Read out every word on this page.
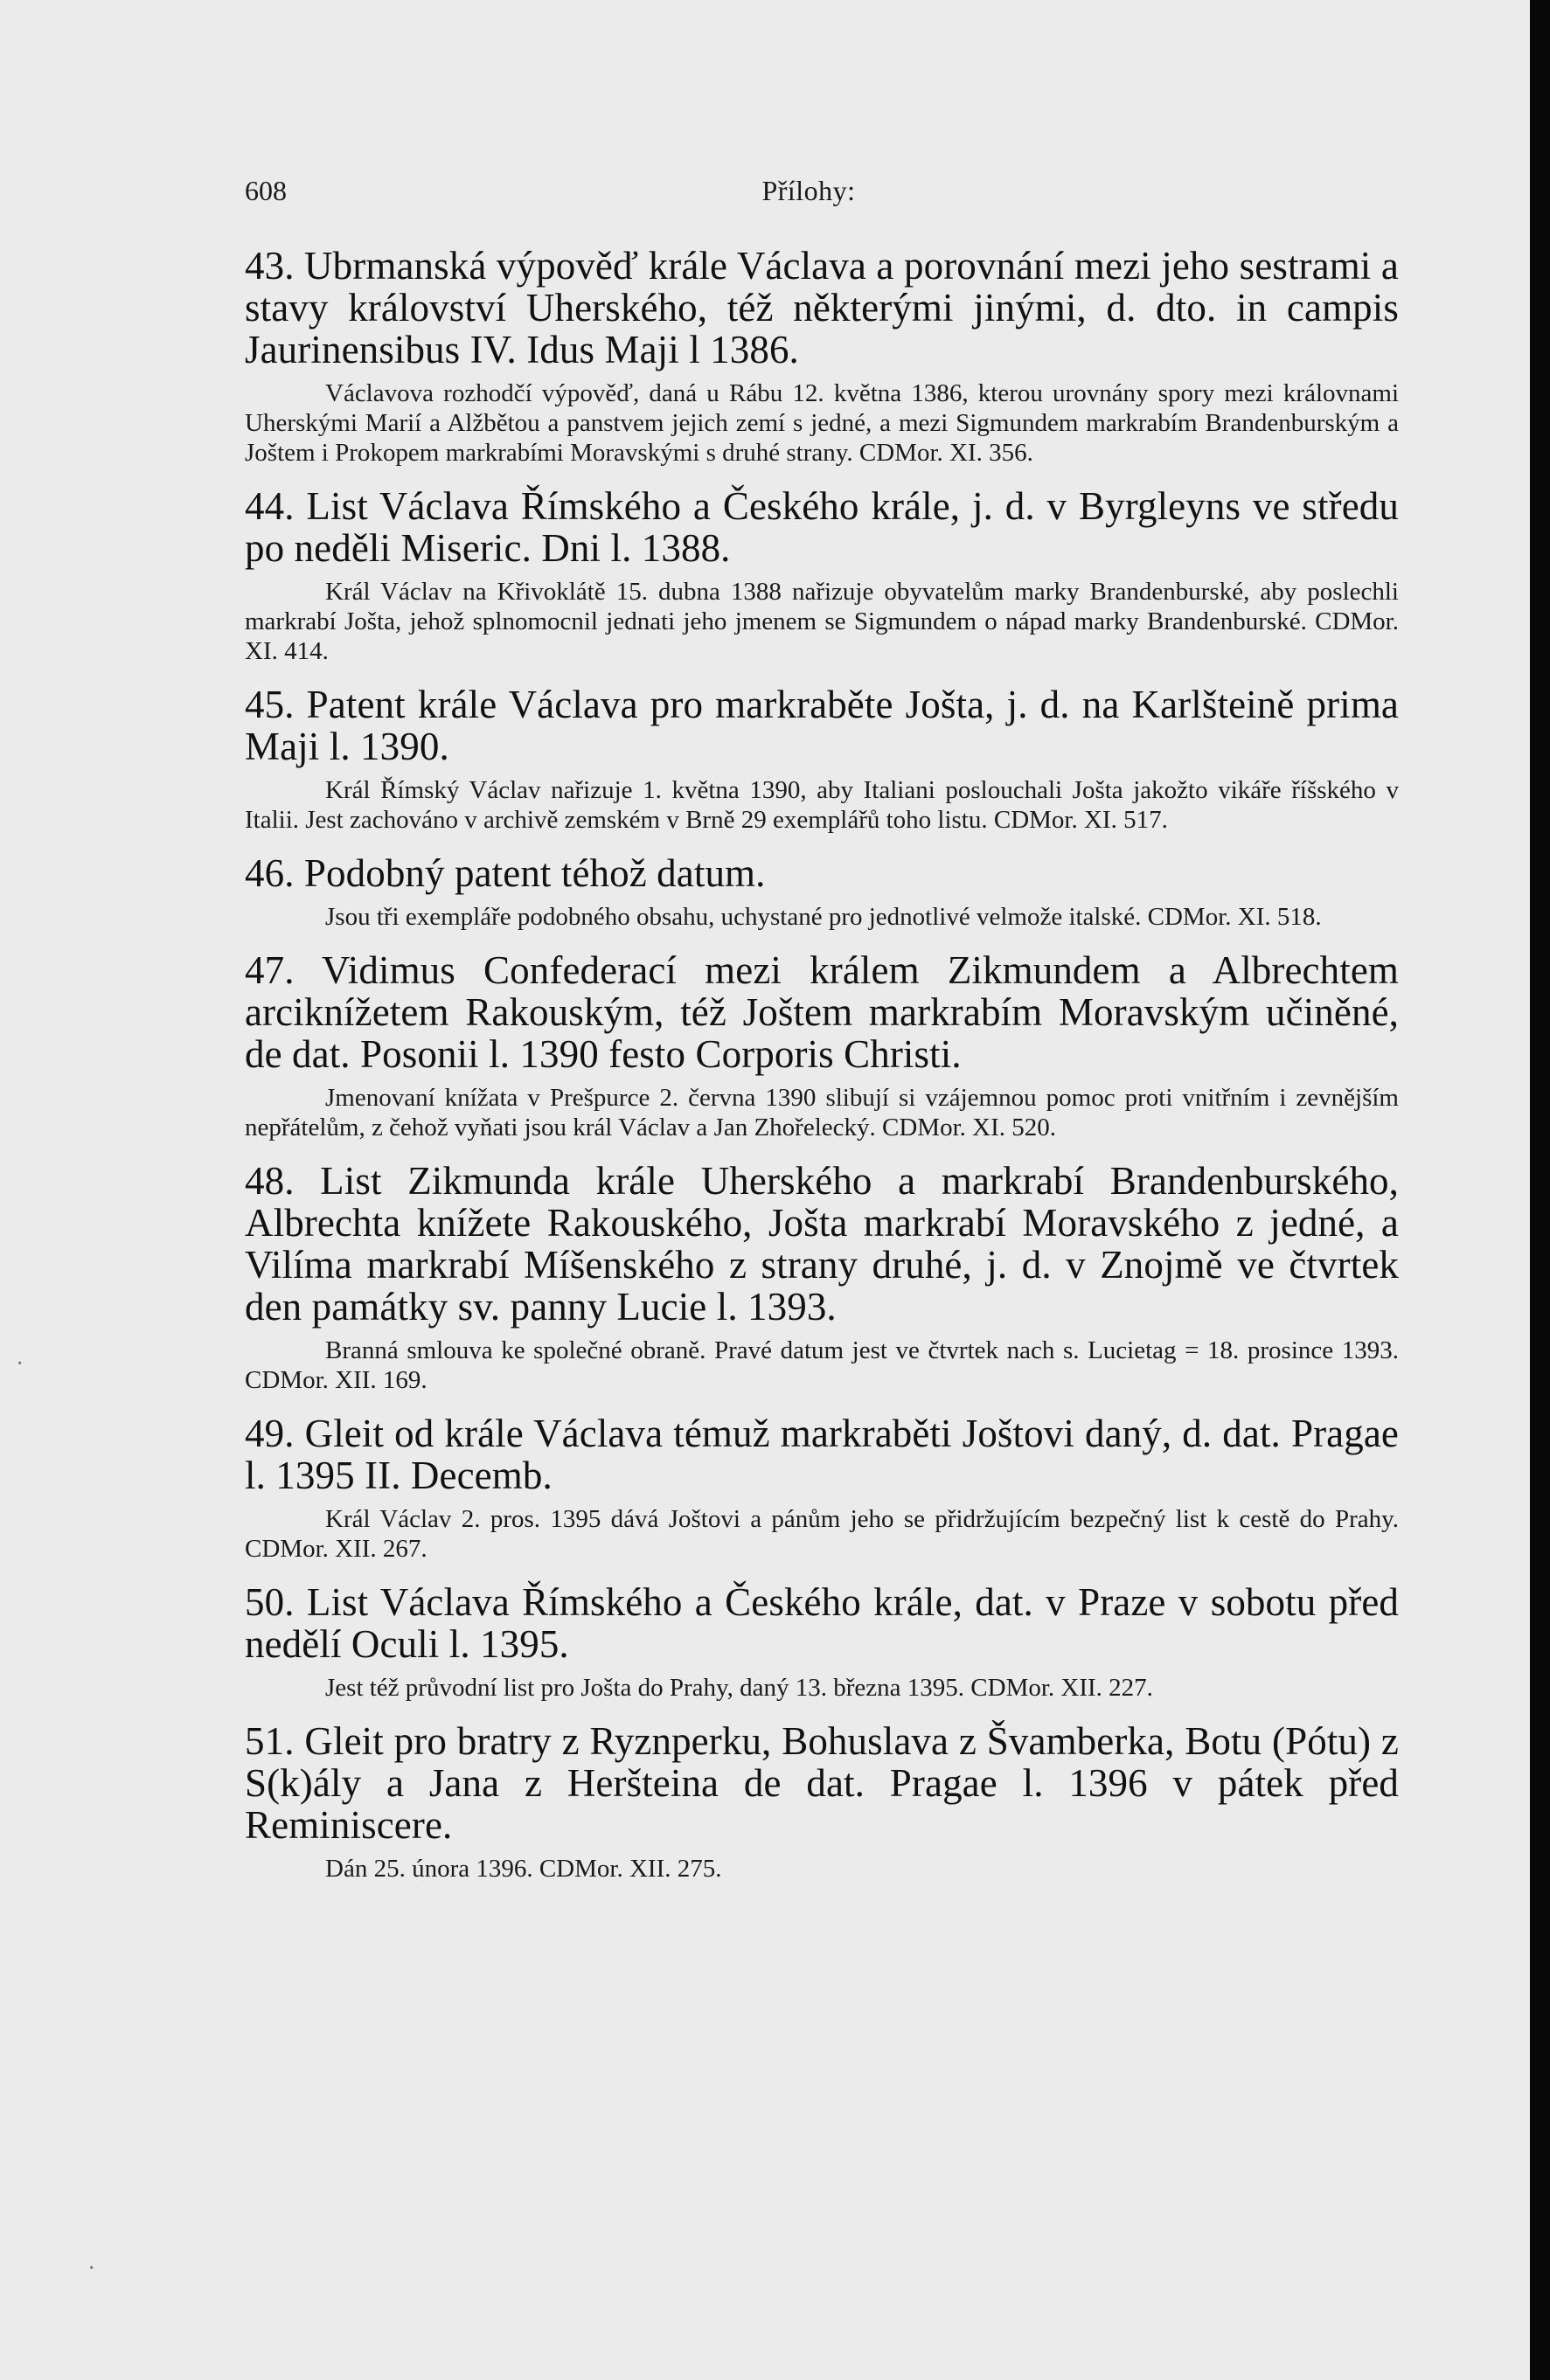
608	Přílohy:

43. Ubrmanská výpověď krále Václava a porovnání mezi jeho sestrami a stavy království Uherského, též některými jinými, d. dto. in campis Jaurinensibus IV. Idus Maji l 1386.

Václavova rozhodčí výpověď, daná u Rábu 12. května 1386, kterou urovnány spory mezi královnami Uherskými Marií a Alžbětou a panstvem jejich zemí s jedné, a mezi Sigmundem markrabím Brandenburským a Joštem i Prokopem markrabími Moravskými s druhé strany. CDMor. XI. 356.

44. List Václava Římského a Českého krále, j. d. v Byrgleyns ve středu po neděli Miseric. Dni l. 1388.

Král Václav na Křivoklátě 15. dubna 1388 nařizuje obyvatelům marky Brandenburské, aby poslechli markrabí Jošta, jehož splnomocnil jednati jeho jmenem se Sigmundem o nápad marky Brandenburské. CDMor. XI. 414.

45. Patent krále Václava pro markraběte Jošta, j. d. na Karlšteině prima Maji l. 1390.

Král Římský Václav nařizuje 1. května 1390, aby Italiani poslouchali Jošta jakožto vikáře říšského v Italii. Jest zachováno v archivě zemském v Brně 29 exemplářů toho listu. CDMor. XI. 517.

46. Podobný patent téhož datum.

Jsou tři exempláře podobného obsahu, uchystané pro jednotlivé velmože italské. CDMor. XI. 518.

47. Vidimus Confederací mezi králem Zikmundem a Albrechtem arciknížetem Rakouským, též Joštem markrabím Moravským učiněné, de dat. Posonii l. 1390 festo Corporis Christi.

Jmenovaní knížata v Prešpurce 2. června 1390 slibují si vzájemnou pomoc proti vnitřním i zevnějším nepřátelům, z čehož vyňati jsou král Václav a Jan Zhořelecký. CDMor. XI. 520.

48. List Zikmunda krále Uherského a markrabí Brandenburského, Albrechta knížete Rakouského, Jošta markrabí Moravského z jedné, a Vilíma markrabí Míšenského z strany druhé, j. d. v Znojmě ve čtvrtek den památky sv. panny Lucie l. 1393.

Branná smlouva ke společné obraně. Pravé datum jest ve čtvrtek nach s. Lucietag = 18. prosince 1393. CDMor. XII. 169.

49. Gleit od krále Václava témuž markraběti Joštovi daný, d. dat. Pragae l. 1395 II. Decemb.

Král Václav 2. pros. 1395 dává Joštovi a pánům jeho se přidržujícím bezpečný list k cestě do Prahy. CDMor. XII. 267.

50. List Václava Římského a Českého krále, dat. v Praze v sobotu před nedělí Oculi l. 1395.

Jest též průvodní list pro Jošta do Prahy, daný 13. března 1395. CDMor. XII. 227.

51. Gleit pro bratry z Ryznperku, Bohuslava z Švamberka, Botu (Pótu) z S(k)ály a Jana z Heršteina de dat. Pragae l. 1396 v pátek před Reminiscere.

Dán 25. února 1396. CDMor. XII. 275.

·
·
